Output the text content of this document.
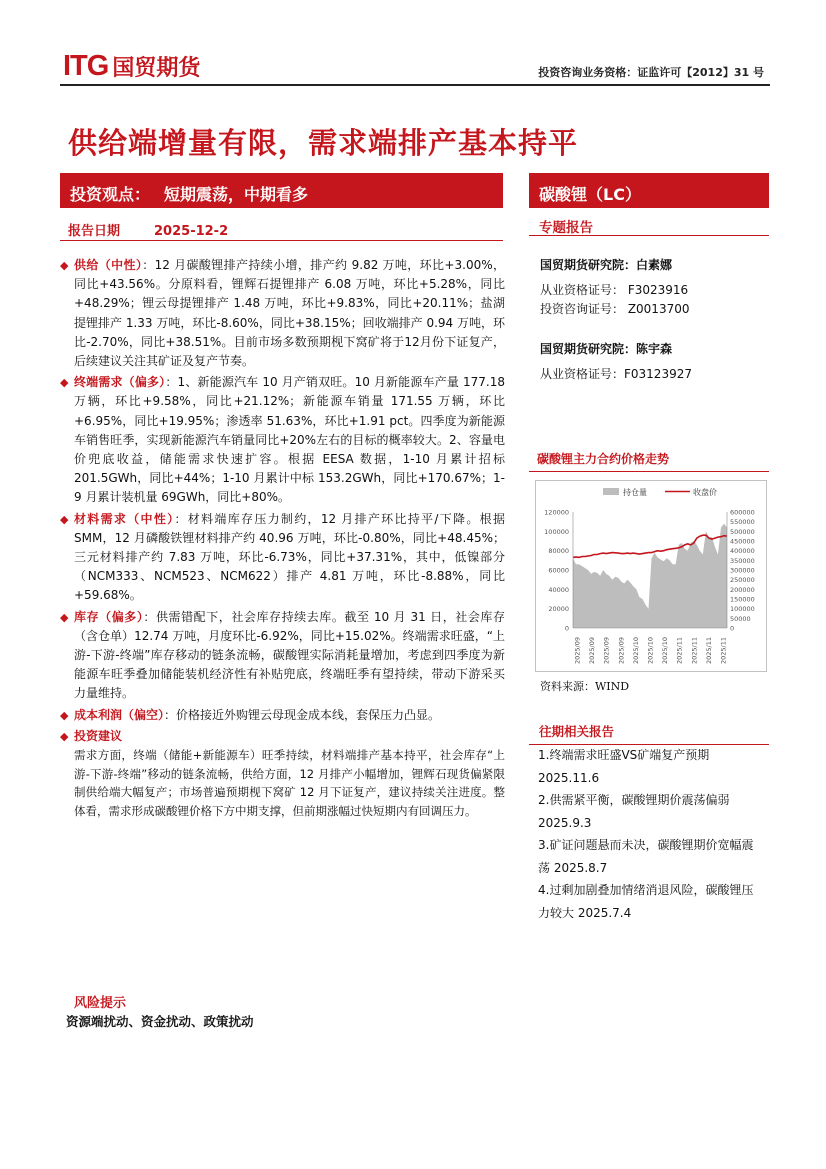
ITG 国贸期货	投资咨询业务资格：证监许可【2012】31 号
供给端增量有限，需求端排产基本持平
投资观点： 短期震荡，中期看多	碳酸锂（LC）
报告日期	2025-12-2
◆ 供给（中性）：12 月碳酸锂排产持续小增，排产约 9.82 万吨，环比+3.00%，同比+43.56%。分原料看，锂辉石提锂排产 6.08 万吨，环比+5.28%，同比+48.29%；锂云母提锂排产 1.48 万吨，环比+9.83%，同比+20.11%；盐湖提锂排产 1.33 万吨，环比-8.60%，同比+38.15%；回收端排产 0.94 万吨，环比-2.70%，同比+38.51%。目前市场多数预期枧下窝矿将于12月份下证复产，后续建议关注其矿证及复产节奏。
◆ 终端需求（偏多）：1、新能源汽车 10 月产销双旺。10 月新能源车产量 177.18 万辆，环比+9.58%，同比+21.12%；新能源车销量 171.55 万辆，环比+6.95%，同比+19.95%；渗透率 51.63%，环比+1.91 pct。四季度为新能源车销售旺季，实现新能源汽车销量同比+20%左右的目标的概率较大。2、容量电价兜底收益，储能需求快速扩容。根据 EESA 数据，1-10 月累计招标 201.5GWh，同比+44%；1-10 月累计中标 153.2GWh，同比+170.67%；1-9 月累计装机量 69GWh，同比+80%。
◆ 材料需求（中性）：材料端库存压力制约，12 月排产环比持平/下降。根据 SMM，12 月磷酸铁锂材料排产约 40.96 万吨，环比-0.80%，同比+48.45%；三元材料排产约 7.83 万吨，环比-6.73%，同比+37.31%，其中，低镍部分（NCM333、NCM523、NCM622）排产 4.81 万吨，环比-8.88%，同比+59.68%。
◆ 库存（偏多）：供需错配下，社会库存持续去库。截至 10 月 31 日，社会库存（含仓单）12.74 万吨，月度环比-6.92%，同比+15.02%。终端需求旺盛，“上游-下游-终端”库存移动的链条流畅，碳酸锂实际消耗量增加，考虑到四季度为新能源车旺季叠加储能装机经济性有补贴兜底，终端旺季有望持续，带动下游采买力量维持。
◆ 成本利润（偏空）：价格接近外购锂云母现金成本线，套保压力凸显。
◆ 投资建议
需求方面，终端（储能+新能源车）旺季持续，材料端排产基本持平，社会库存“上游-下游-终端”移动的链条流畅，供给方面，12 月排产小幅增加，锂辉石现货偏紧限制供给端大幅复产；市场普遍预期枧下窝矿 12 月下证复产，建议持续关注进度。整体看，需求形成碳酸锂价格下方中期支撑，但前期涨幅过快短期内有回调压力。
风险提示
资源端扰动、资金扰动、政策扰动
专题报告
国贸期货研究院：白素娜
从业资格证号： F3023916
投资咨询证号： Z0013700
国贸期货研究院：陈宇森
从业资格证号：F03123927
碳酸锂主力合约价格走势
持仓量	收盘价
120000
100000
80000
60000
40000
20000
0
600000
550000
500000
450000
400000
350000
300000
250000
200000
150000
100000
50000
0
2025/09 2025/09 2025/09 2025/09 2025/10 2025/10 2025/10 2025/11 2025/11 2025/11 2025/11
资料来源：WIND
往期相关报告
1.终端需求旺盛VS矿端复产预期 2025.11.6
2.供需紧平衡，碳酸锂期价震荡偏弱 2025.9.3
3.矿证问题悬而未决，碳酸锂期价宽幅震荡 2025.8.7
4.过剩加剧叠加情绪消退风险，碳酸锂压力较大 2025.7.4
